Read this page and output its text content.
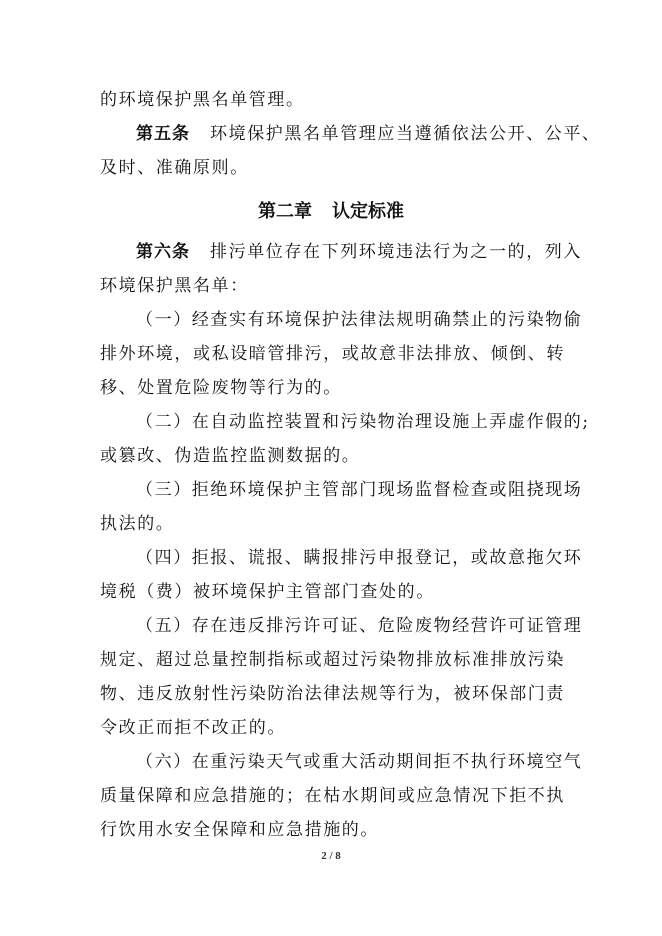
的环境保护黑名单管理。
第五条 环境保护黑名单管理应当遵循依法公开、公平、
及时、准确原则。
第二章 认定标准
第六条 排污单位存在下列环境违法行为之一的，列入
环境保护黑名单：
（一）经查实有环境保护法律法规明确禁止的污染物偷
排外环境，或私设暗管排污，或故意非法排放、倾倒、转
移、处置危险废物等行为的。
（二）在自动监控装置和污染物治理设施上弄虚作假的;
或篡改、伪造监控监测数据的。
（三）拒绝环境保护主管部门现场监督检查或阻挠现场
执法的。
（四）拒报、谎报、瞒报排污申报登记，或故意拖欠环
境税（费）被环境保护主管部门查处的。
（五）存在违反排污许可证、危险废物经营许可证管理
规定、超过总量控制指标或超过污染物排放标准排放污染
物、违反放射性污染防治法律法规等行为，被环保部门责
令改正而拒不改正的。
（六）在重污染天气或重大活动期间拒不执行环境空气
质量保障和应急措施的；在枯水期间或应急情况下拒不执
行饮用水安全保障和应急措施的。
2 / 8
